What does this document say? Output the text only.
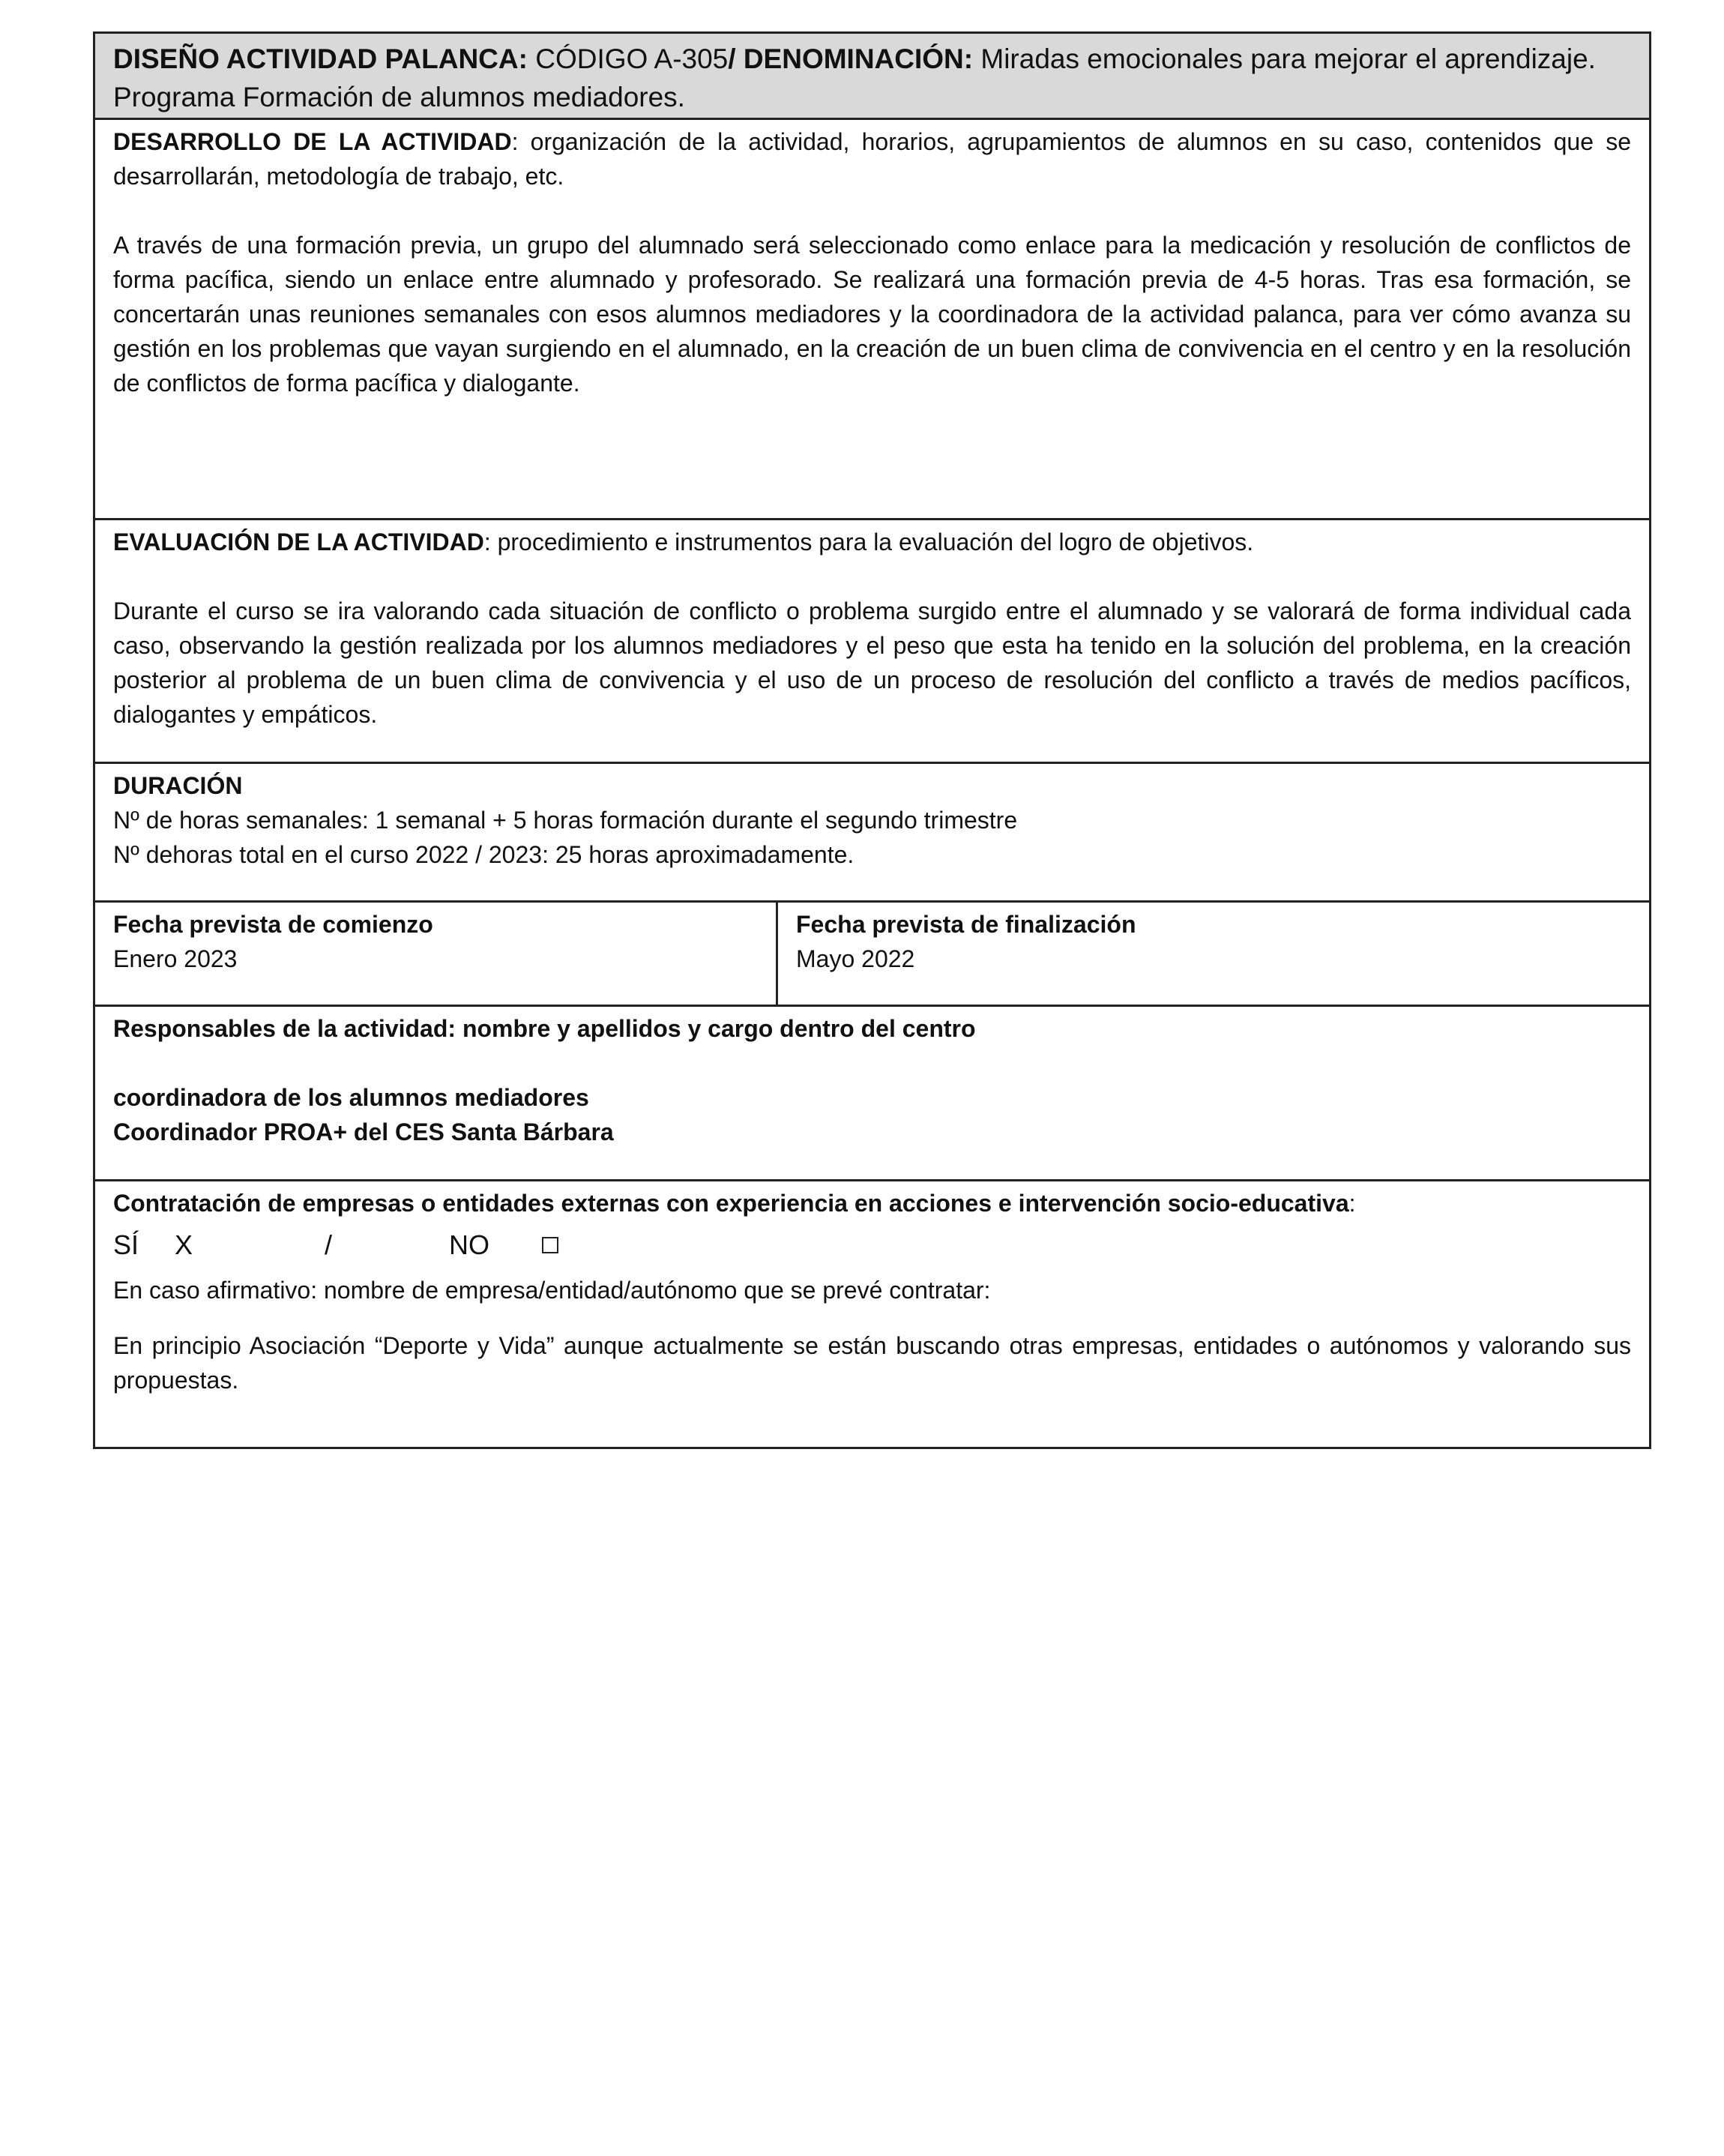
DISEÑO ACTIVIDAD PALANCA: CÓDIGO A-305/ DENOMINACIÓN: Miradas emocionales para mejorar el aprendizaje.
Programa Formación de alumnos mediadores.

DESARROLLO DE LA ACTIVIDAD: organización de la actividad, horarios, agrupamientos de alumnos en su caso, contenidos que se desarrollarán, metodología de trabajo, etc.

A través de una formación previa, un grupo del alumnado será seleccionado como enlace para la medicación y resolución de conflictos de forma pacífica, siendo un enlace entre alumnado y profesorado. Se realizará una formación previa de 4-5 horas. Tras esa formación, se concertarán unas reuniones semanales con esos alumnos mediadores y la coordinadora de la actividad palanca, para ver cómo avanza su gestión en los problemas que vayan surgiendo en el alumnado, en la creación de un buen clima de convivencia en el centro y en la resolución de conflictos de forma pacífica y dialogante.

EVALUACIÓN DE LA ACTIVIDAD: procedimiento e instrumentos para la evaluación del logro de objetivos.

Durante el curso se ira valorando cada situación de conflicto o problema surgido entre el alumnado y se valorará de forma individual cada caso, observando la gestión realizada por los alumnos mediadores y el peso que esta ha tenido en la solución del problema, en la creación posterior al problema de un buen clima de convivencia y el uso de un proceso de resolución del conflicto a través de medios pacíficos, dialogantes y empáticos.

DURACIÓN
Nº de horas semanales: 1 semanal + 5 horas formación durante el segundo trimestre
Nº dehoras total en el curso 2022 / 2023: 25 horas aproximadamente.
Fecha prevista de comienzo
Enero 2023
Fecha prevista de finalización
Mayo 2022
Responsables de la actividad: nombre y apellidos y cargo dentro del centro
coordinadora de los alumnos mediadores
Coordinador PROA+ del CES Santa Bárbara
Contratación de empresas o entidades externas con experiencia en acciones e intervención socio-educativa:
SÍ	X	/	NO
En caso afirmativo: nombre de empresa/entidad/autónomo que se prevé contratar:

En principio Asociación “Deporte y Vida” aunque actualmente se están buscando otras empresas, entidades o autónomos y valorando sus propuestas.
